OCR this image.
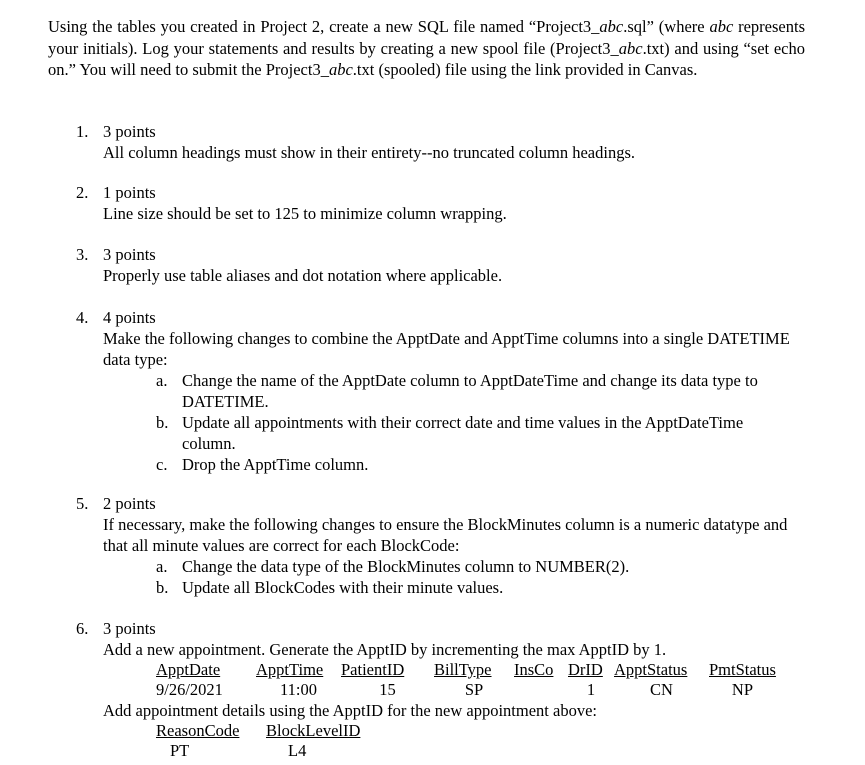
Using the tables you created in Project 2, create a new SQL file named “Project3_abc.sql” (where abc represents your initials). Log your statements and results by creating a new spool file (Project3_abc.txt) and using “set echo on.” You will need to submit the Project3_abc.txt (spooled) file using the link provided in Canvas.
1. 3 points
All column headings must show in their entirety--no truncated column headings.
2. 1 points
Line size should be set to 125 to minimize column wrapping.
3. 3 points
Properly use table aliases and dot notation where applicable.
4. 4 points
Make the following changes to combine the ApptDate and ApptTime columns into a single DATETIME data type:
a. Change the name of the ApptDate column to ApptDateTime and change its data type to DATETIME.
b. Update all appointments with their correct date and time values in the ApptDateTime column.
c. Drop the ApptTime column.
5. 2 points
If necessary, make the following changes to ensure the BlockMinutes column is a numeric datatype and that all minute values are correct for each BlockCode:
a. Change the data type of the BlockMinutes column to NUMBER(2).
b. Update all BlockCodes with their minute values.
6. 3 points
Add a new appointment. Generate the ApptID by incrementing the max ApptID by 1.
ApptDate	ApptTime	PatientID	BillType	InsCo	DrID	ApptStatus	PmtStatus
9/26/2021	11:00	15	SP		1	CN	NP
Add appointment details using the ApptID for the new appointment above:
ReasonCode	BlockLevelID
PT	L4
